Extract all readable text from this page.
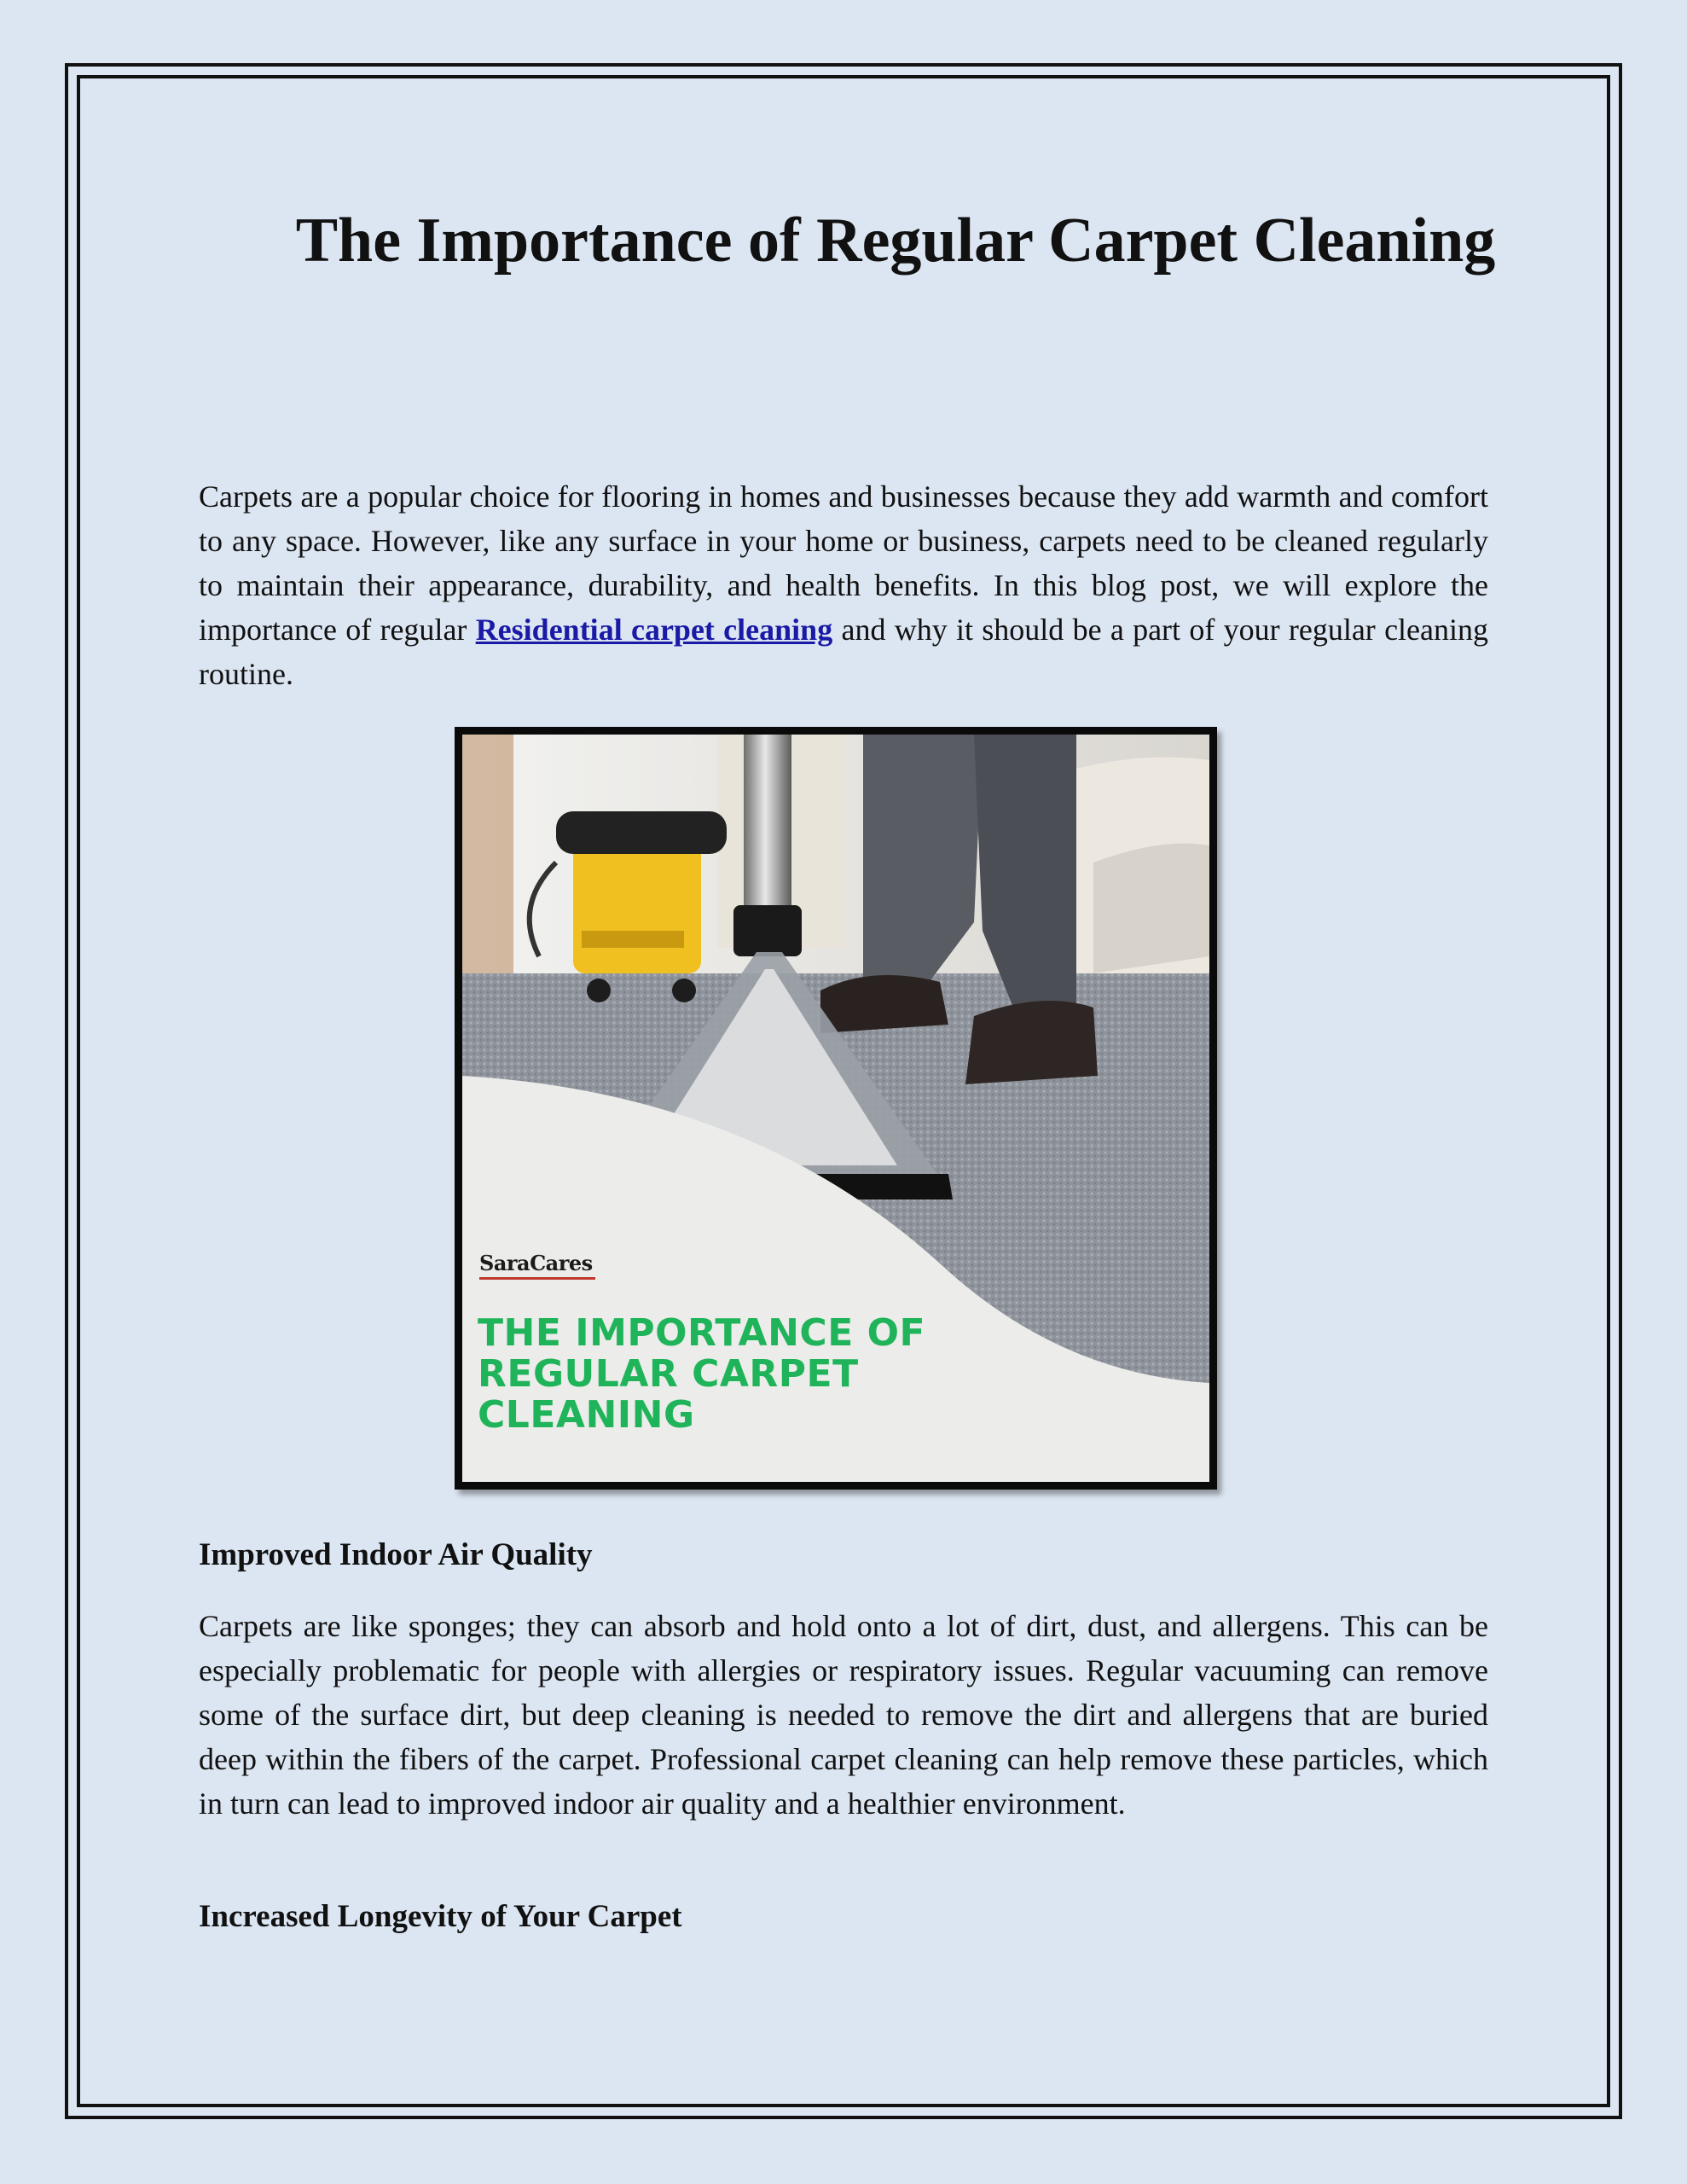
The Importance of Regular Carpet Cleaning

Carpets are a popular choice for flooring in homes and businesses because they add warmth and comfort to any space. However, like any surface in your home or business, carpets need to be cleaned regularly to maintain their appearance, durability, and health benefits. In this blog post, we will explore the importance of regular Residential carpet cleaning and why it should be a part of your regular cleaning routine.

SaraCares
THE IMPORTANCE OF
REGULAR CARPET
CLEANING
Improved Indoor Air Quality

Carpets are like sponges; they can absorb and hold onto a lot of dirt, dust, and allergens. This can be especially problematic for people with allergies or respiratory issues. Regular vacuuming can remove some of the surface dirt, but deep cleaning is needed to remove the dirt and allergens that are buried deep within the fibers of the carpet. Professional carpet cleaning can help remove these particles, which in turn can lead to improved indoor air quality and a healthier environment.

Increased Longevity of Your Carpet
